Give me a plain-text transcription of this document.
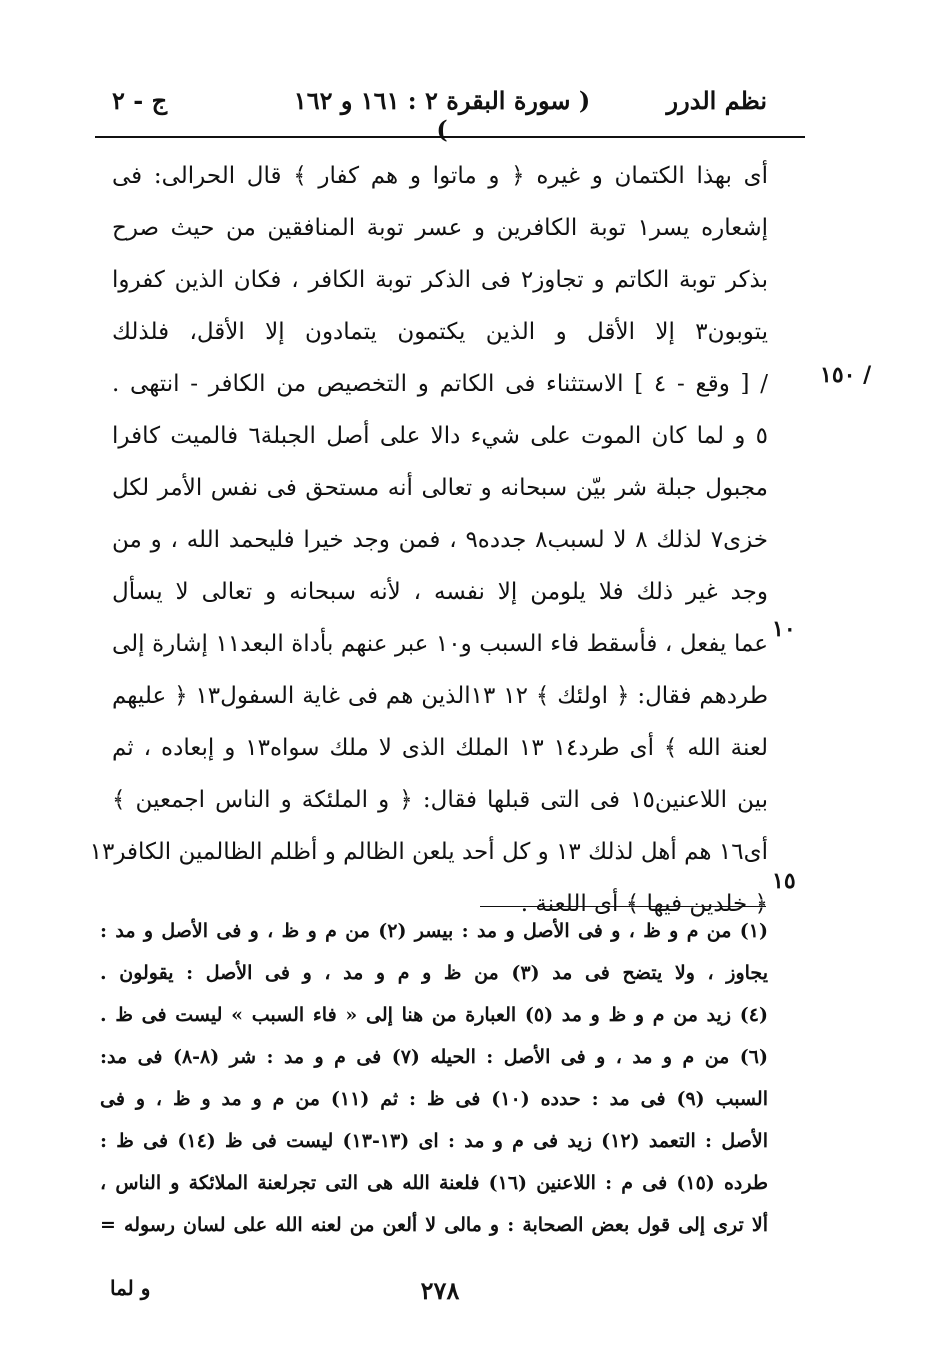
ج - ٢	( سورة البقرة ٢ : ١٦١ و ١٦٢ )
نظم الدرر
١٥٠ /
١٠
١٥
أى بهذا الكتمان و غيره ﴿ و ماتوا و هم كفار ﴾ قال الحرالى: فى
إشعاره يسر١ توبة الكافرين و عسر توبة المنافقين من حيث صرح
بذكر توبة الكاتم و تجاوز٢ فى الذكر توبة الكافر ، فكان الذين كفروا
يتوبون٣ إلا الأقل و الذين يكتمون يتمادون إلا الأقل، فلذلك
/ [ وقع - ٤ ] الاستثناء فى الكاتم و التخصيص من الكافر - انتهى .
٥ و لما كان الموت على شيء دالا على أصل الجبلة٦ فالميت كافرا
مجبول جبلة شر بيّن سبحانه و تعالى أنه مستحق فى نفس الأمر لكل
خزى٧ لذلك ٨ لا لسبب٨ جدده٩ ، فمن وجد خيرا فليحمد الله ، و من
وجد غير ذلك فلا يلومن إلا نفسه ، لأنه سبحانه و تعالى لا يسأل
عما يفعل ، فأسقط فاء السبب و١٠ عبر عنهم بأداة البعد١١ إشارة إلى
طردهم فقال: ﴿ اولئك ﴾ ١٢ ١٣الذين هم فى غاية السفول١٣ ﴿ عليهم
لعنة الله ﴾ أى طرد١٤ ١٣ الملك الذى لا ملك سواه١٣ و إبعاده ، ثم
بين اللاعنين١٥ فى التى قبلها فقال: ﴿ و الملئكة و الناس اجمعين ﴾
أى١٦ هم أهل لذلك ١٣ و كل أحد يلعن الظالم و أظلم الظالمين الكافر١٣
﴿ خلدين فيها ﴾ أى اللعنة .
(١) من م و ظ ، و فى الأصل و مد : بيسر (٢) من م و ظ ، و فى الأصل و مد :
يجاوز ، ولا يتضح فى مد (٣) من ظ و م و مد ، و فى الأصل : يقولون .
(٤) زيد من م و ظ و مد (٥) العبارة من هنا إلى « فاء السبب » ليست فى ظ .
(٦) من م و مد ، و فى الأصل : الحيله (٧) فى م و مد : شر (٨-٨) فى مد:
السبب (٩) فى مد : حدده (١٠) فى ظ : ثم (١١) من م و مد و ظ ، و فى
الأصل : التعمد (١٢) زيد فى م و مد : اى (١٣-١٣) ليست فى ظ (١٤) فى ظ :
طرده (١٥) فى م : اللاعنين (١٦) فلعنة الله هى التى تجرلعنة الملائكة و الناس ،
ألا ترى إلى قول بعض الصحابة : و مالى لا ألعن من لعنه الله على لسان رسوله =
٢٧٨
و لما
